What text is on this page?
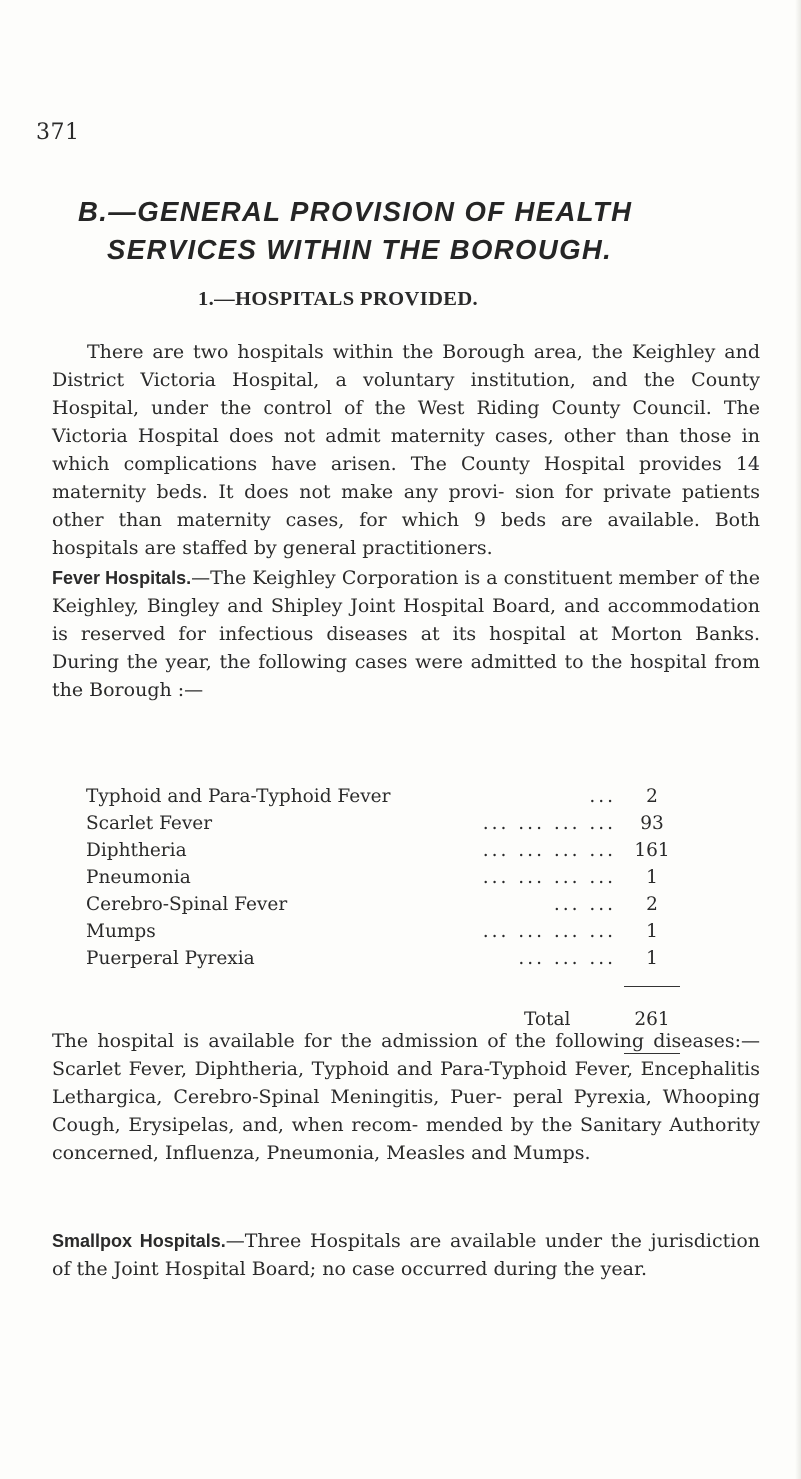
371
B.—GENERAL PROVISION OF HEALTH
SERVICES WITHIN THE BOROUGH.
1.—HOSPITALS PROVIDED.

There are two hospitals within the Borough area, the Keighley and District Victoria Hospital, a voluntary institution, and the County Hospital, under the control of the West Riding County Council. The Victoria Hospital does not admit maternity cases, other than those in which complications have arisen. The County Hospital provides 14 maternity beds. It does not make any provi- sion for private patients other than maternity cases, for which 9 beds are available. Both hospitals are staffed by general practitioners.

Fever Hospitals.—The Keighley Corporation is a constituent member of the Keighley, Bingley and Shipley Joint Hospital Board, and accommodation is reserved for infectious diseases at its hospital at Morton Banks. During the year, the following cases were admitted to the hospital from the Borough :—

Typhoid and Para-Typhoid Fever	...	2
Scarlet Fever	... ... ... ...	93
Diphtheria	... ... ... ... 161
Pneumonia	... ... ... ...	1
Cerebro-Spinal Fever	... ...	2
Mumps	... ... ... ...	1
Puerperal Pyrexia	... ... ...	1
Total	261

The hospital is available for the admission of the following diseases:—Scarlet Fever, Diphtheria, Typhoid and Para-Typhoid Fever, Encephalitis Lethargica, Cerebro-Spinal Meningitis, Puer- peral Pyrexia, Whooping Cough, Erysipelas, and, when recom- mended by the Sanitary Authority concerned, Influenza, Pneumonia, Measles and Mumps.

Smallpox Hospitals.—Three Hospitals are available under the jurisdiction of the Joint Hospital Board; no case occurred during the year.
